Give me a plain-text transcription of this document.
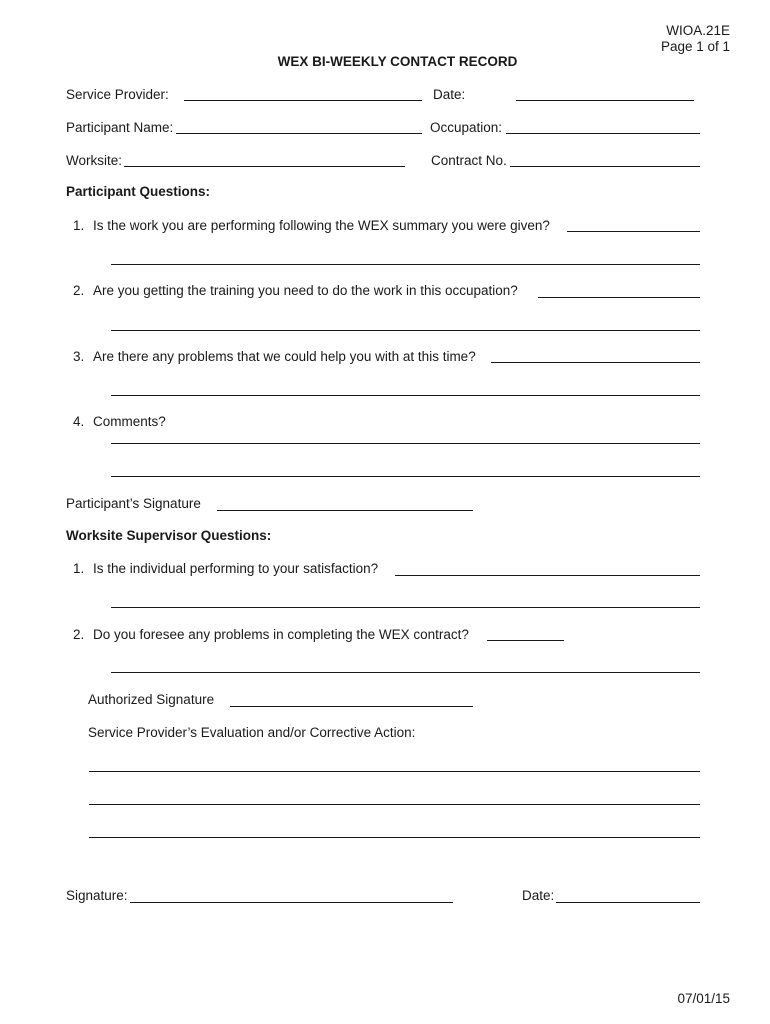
WIOA.21E
Page 1 of 1
WEX BI-WEEKLY CONTACT RECORD
Service Provider:	Date:
Participant Name:	Occupation:
Worksite:	Contract No.
Participant Questions:
1. Is the work you are performing following the WEX summary you were given?
2. Are you getting the training you need to do the work in this occupation?
3. Are there any problems that we could help you with at this time?
4. Comments?
Participant’s Signature
Worksite Supervisor Questions:
1. Is the individual performing to your satisfaction?
2. Do you foresee any problems in completing the WEX contract?
Authorized Signature
Service Provider’s Evaluation and/or Corrective Action:
Signature:	Date:
07/01/15
